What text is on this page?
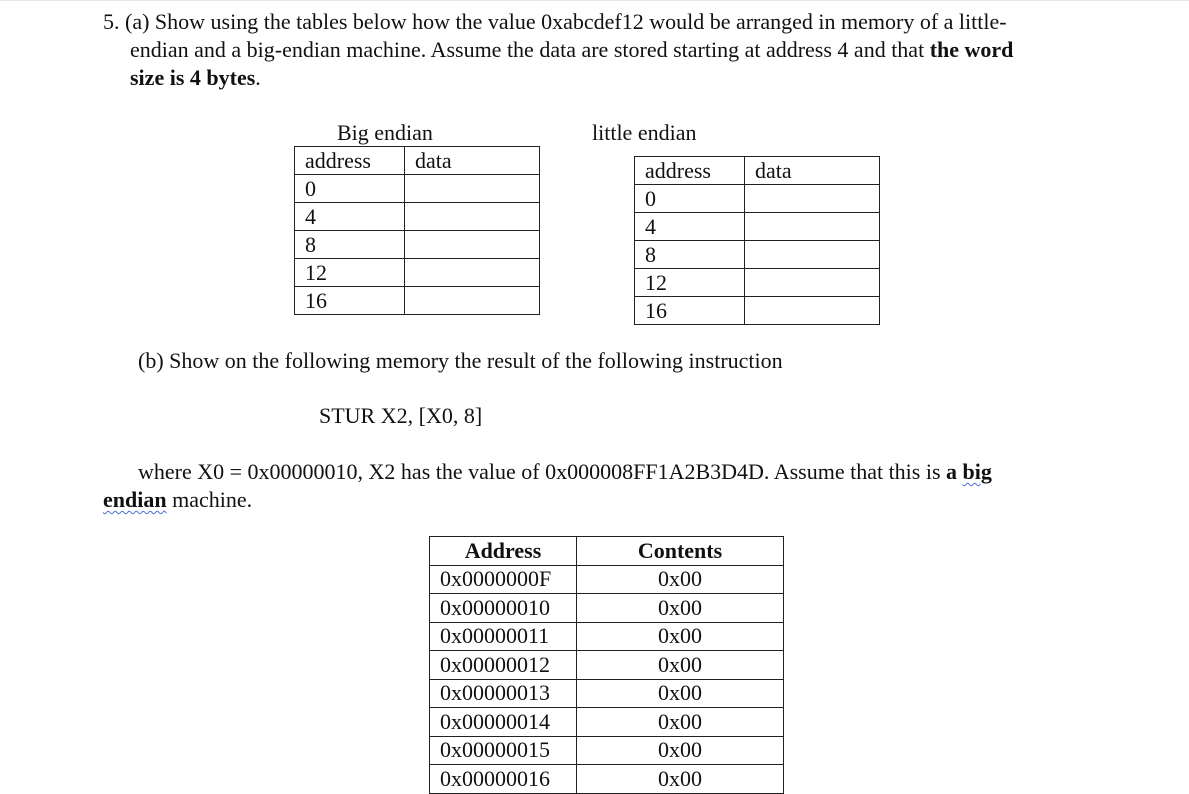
5. (a) Show using the tables below how the value 0xabcdef12 would be arranged in memory of a little-
endian and a big-endian machine. Assume the data are stored starting at address 4 and that the word
size is 4 bytes.
Big endian
address	data
0	
4	
8	
12	
16	
little endian
address	data
0	
4	
8	
12	
16	
(b) Show on the following memory the result of the following instruction
STUR X2, [X0, 8]
where X0 = 0x00000010, X2 has the value of 0x000008FF1A2B3D4D. Assume that this is a big
endian machine.
Address	Contents
0x0000000F	0x00
0x00000010	0x00
0x00000011	0x00
0x00000012	0x00
0x00000013	0x00
0x00000014	0x00
0x00000015	0x00
0x00000016	0x00
